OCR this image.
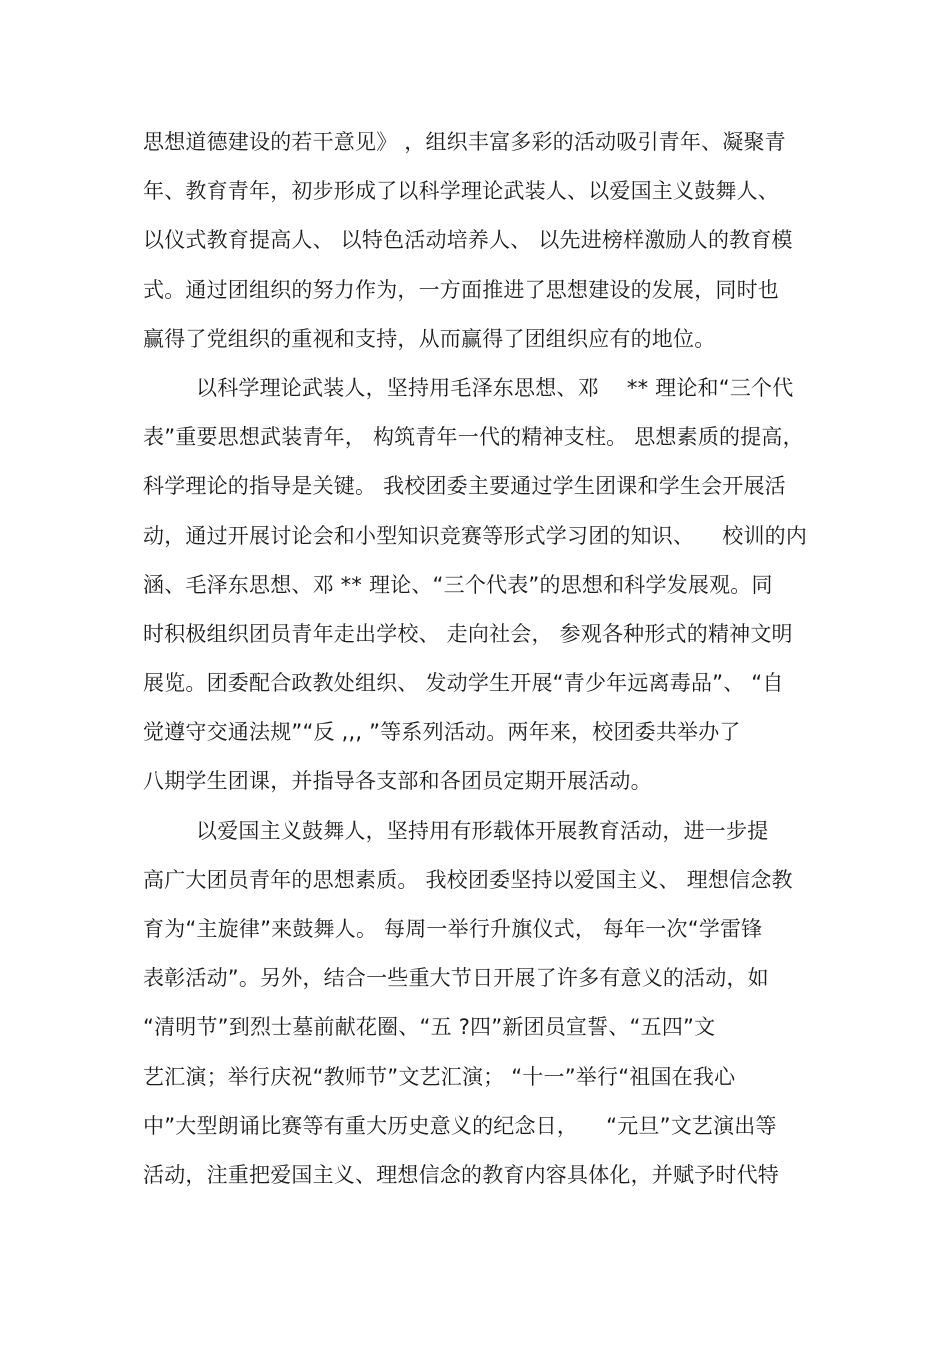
思想道德建设的若干意见》 ，组织丰富多彩的活动吸引青年、凝聚青
年、教育青年，初步形成了以科学理论武装人、以爱国主义鼓舞人、
以仪式教育提高人、 以特色活动培养人、 以先进榜样激励人的教育模
式。通过团组织的努力作为，一方面推进了思想建设的发展，同时也
赢得了党组织的重视和支持，从而赢得了团组织应有的地位。
以科学理论武装人，坚持用毛泽东思想、邓 　** 理论和“三个代
表”重要思想武装青年， 构筑青年一代的精神支柱。 思想素质的提高，
科学理论的指导是关键。 我校团委主要通过学生团课和学生会开展活
动，通过开展讨论会和小型知识竞赛等形式学习团的知识、 　校训的内
涵、毛泽东思想、邓 ** 理论、“三个代表”的思想和科学发展观。同
时积极组织团员青年走出学校、 走向社会， 参观各种形式的精神文明
展览。团委配合政教处组织、 发动学生开展“青少年远离毒品”、 “自
觉遵守交通法规”“反 ,,, ”等系列活动。两年来，校团委共举办了
八期学生团课，并指导各支部和各团员定期开展活动。
以爱国主义鼓舞人，坚持用有形载体开展教育活动，进一步提
高广大团员青年的思想素质。 我校团委坚持以爱国主义、 理想信念教
育为“主旋律”来鼓舞人。 每周一举行升旗仪式， 每年一次“学雷锋
表彰活动”。另外，结合一些重大节日开展了许多有意义的活动，如
“清明节”到烈士墓前献花圈、“五 ?四”新团员宣誓、“五四”文
艺汇演；举行庆祝“教师节”文艺汇演； “十一”举行“祖国在我心
中”大型朗诵比赛等有重大历史意义的纪念日， 　“元旦”文艺演出等
活动，注重把爱国主义、理想信念的教育内容具体化，并赋予时代特
